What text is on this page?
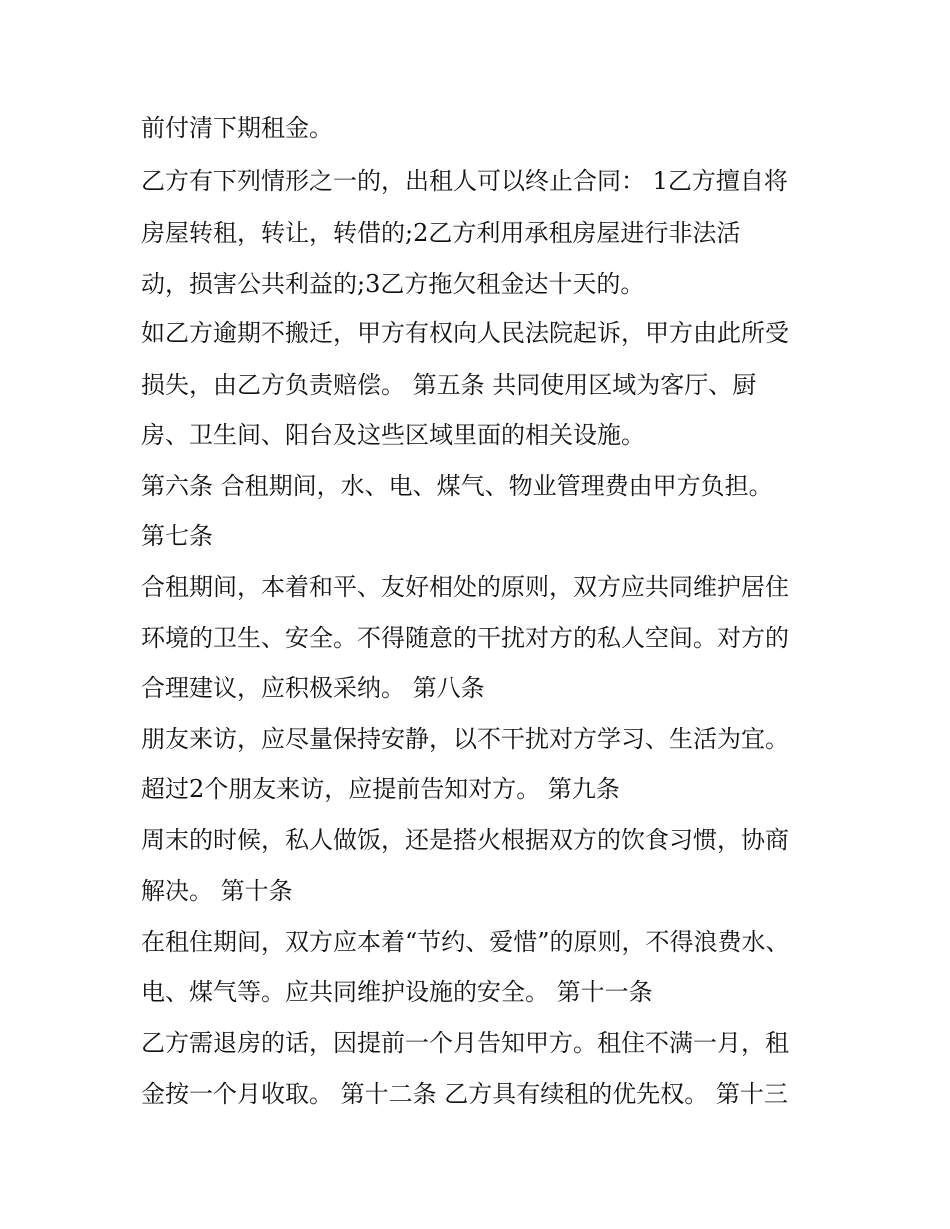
前付清下期租金。

乙方有下列情形之一的，出租人可以终止合同： 1乙方擅自将

房屋转租，转让，转借的;2乙方利用承租房屋进行非法活

动，损害公共利益的;3乙方拖欠租金达十天的。

如乙方逾期不搬迁，甲方有权向人民法院起诉，甲方由此所受

损失，由乙方负责赔偿。 第五条 共同使用区域为客厅、厨

房、卫生间、阳台及这些区域里面的相关设施。

第六条 合租期间，水、电、煤气、物业管理费由甲方负担。

第七条

合租期间，本着和平、友好相处的原则，双方应共同维护居住

环境的卫生、安全。不得随意的干扰对方的私人空间。对方的

合理建议，应积极采纳。 第八条

朋友来访，应尽量保持安静，以不干扰对方学习、生活为宜。

超过2个朋友来访，应提前告知对方。 第九条

周末的时候，私人做饭，还是搭火根据双方的饮食习惯，协商

解决。 第十条

在租住期间，双方应本着“节约、爱惜”的原则，不得浪费水、

电、煤气等。应共同维护设施的安全。 第十一条

乙方需退房的话，因提前一个月告知甲方。租住不满一月，租

金按一个月收取。 第十二条 乙方具有续租的优先权。 第十三
